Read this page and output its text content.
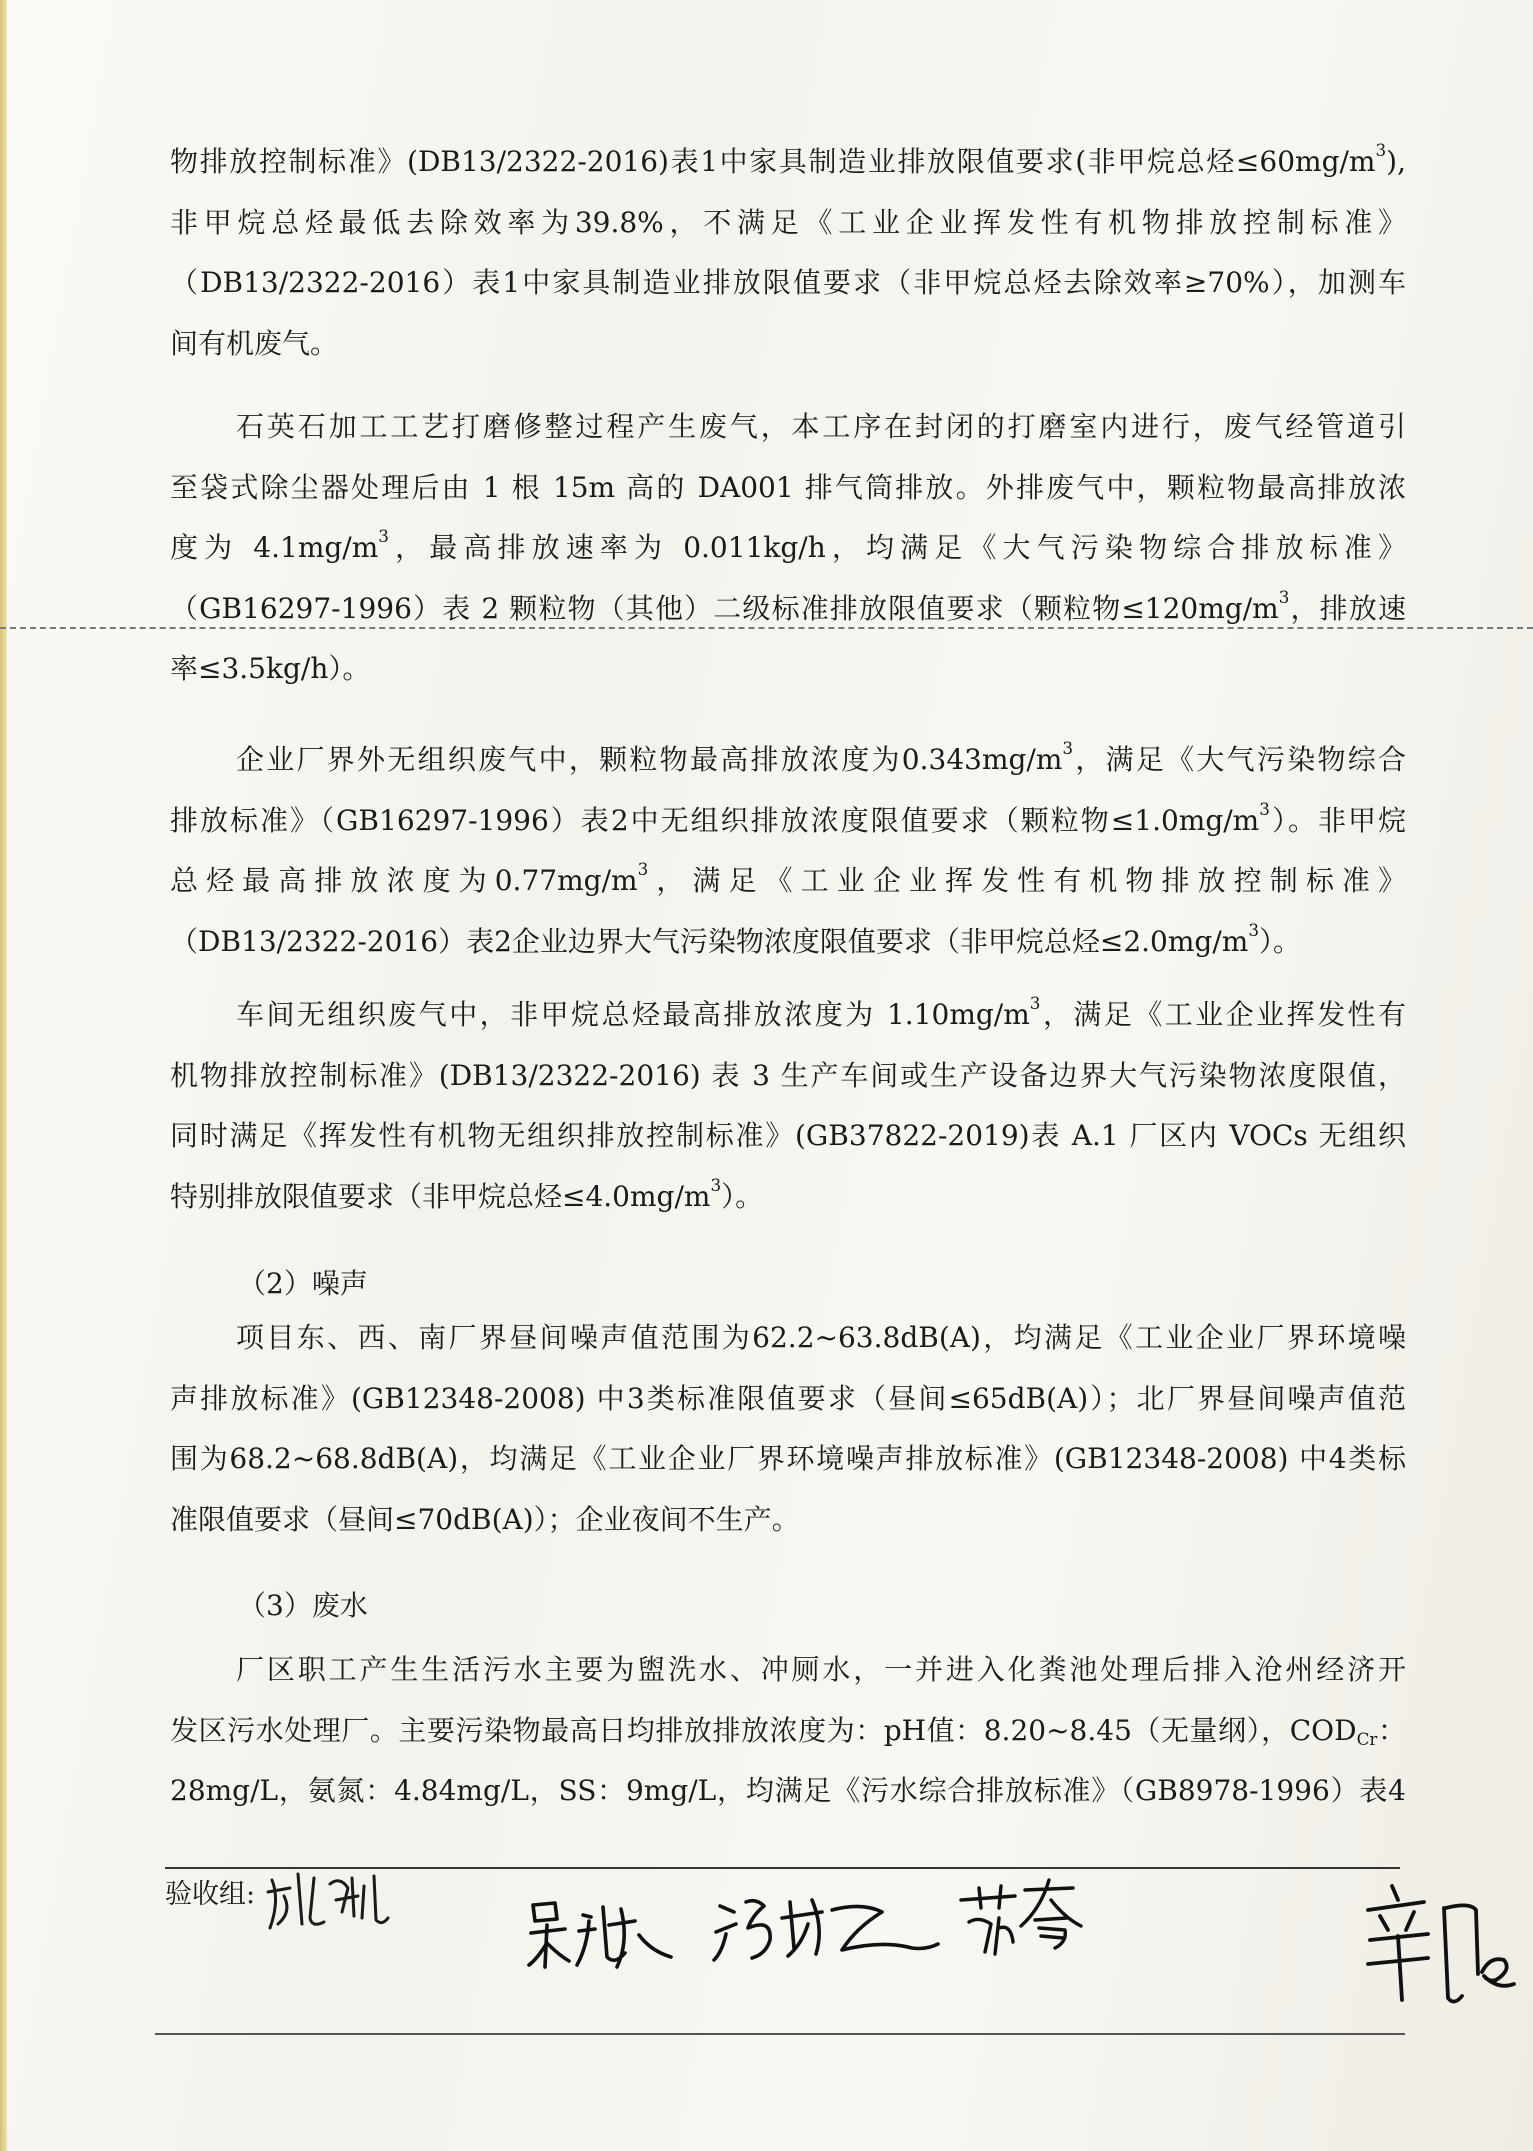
物排放控制标准》(DB13/2322-2016)表1中家具制造业排放限值要求(非甲烷总烃$\le 60mg/m^3$),

非甲烷总烃最低去除效率为39.8%，不满足《工业企业挥发性有机物排放控制标准》

（DB13/2322-2016）表1中家具制造业排放限值要求（非甲烷总烃去除效率≥70%），加测车

间有机废气。

石英石加工工艺打磨修整过程产生废气，本工序在封闭的打磨室内进行，废气经管道引

至袋式除尘器处理后由 1 根 15m 高的 DA001 排气筒排放。外排废气中，颗粒物最高排放浓

度为 $4.1mg/m^3$，最高排放速率为 0.011kg/h，均满足《大气污染物综合排放标准》

（GB16297-1996）表 2 颗粒物（其他）二级标准排放限值要求（颗粒物$\le 120mg/m^3$，排放速

率≤3.5kg/h）。

企业厂界外无组织废气中，颗粒物最高排放浓度为$0.343mg/m^3$，满足《大气污染物综合

排放标准》（GB16297-1996）表2中无组织排放浓度限值要求（颗粒物$\le 1.0mg/m^3$）。非甲烷

总烃最高排放浓度为$0.77mg/m^3$，满足《工业企业挥发性有机物排放控制标准》

（DB13/2322-2016）表2企业边界大气污染物浓度限值要求（非甲烷总烃$\le 2.0mg/m^3$）。

车间无组织废气中，非甲烷总烃最高排放浓度为 $1.10mg/m^3$，满足《工业企业挥发性有

机物排放控制标准》(DB13/2322-2016) 表 3 生产车间或生产设备边界大气污染物浓度限值，

同时满足《挥发性有机物无组织排放控制标准》(GB37822-2019)表 A.1 厂区内 VOCs 无组织

特别排放限值要求（非甲烷总烃$\le 4.0mg/m^3$）。

（2）噪声

项目东、西、南厂界昼间噪声值范围为62.2~63.8dB(A)，均满足《工业企业厂界环境噪

声排放标准》(GB12348-2008) 中3类标准限值要求（昼间≤65dB(A)）；北厂界昼间噪声值范

围为68.2~68.8dB(A)，均满足《工业企业厂界环境噪声排放标准》(GB12348-2008) 中4类标

准限值要求（昼间≤70dB(A)）；企业夜间不生产。

（3）废水

厂区职工产生生活污水主要为盥洗水、冲厕水，一并进入化粪池处理后排入沧州经济开

发区污水处理厂。主要污染物最高日均排放排放浓度为：pH值：8.20~8.45（无量纲），$COD_{Cr}$：

28mg/L，氨氮：4.84mg/L，SS：9mg/L，均满足《污水综合排放标准》（GB8978-1996）表4

验收组:
